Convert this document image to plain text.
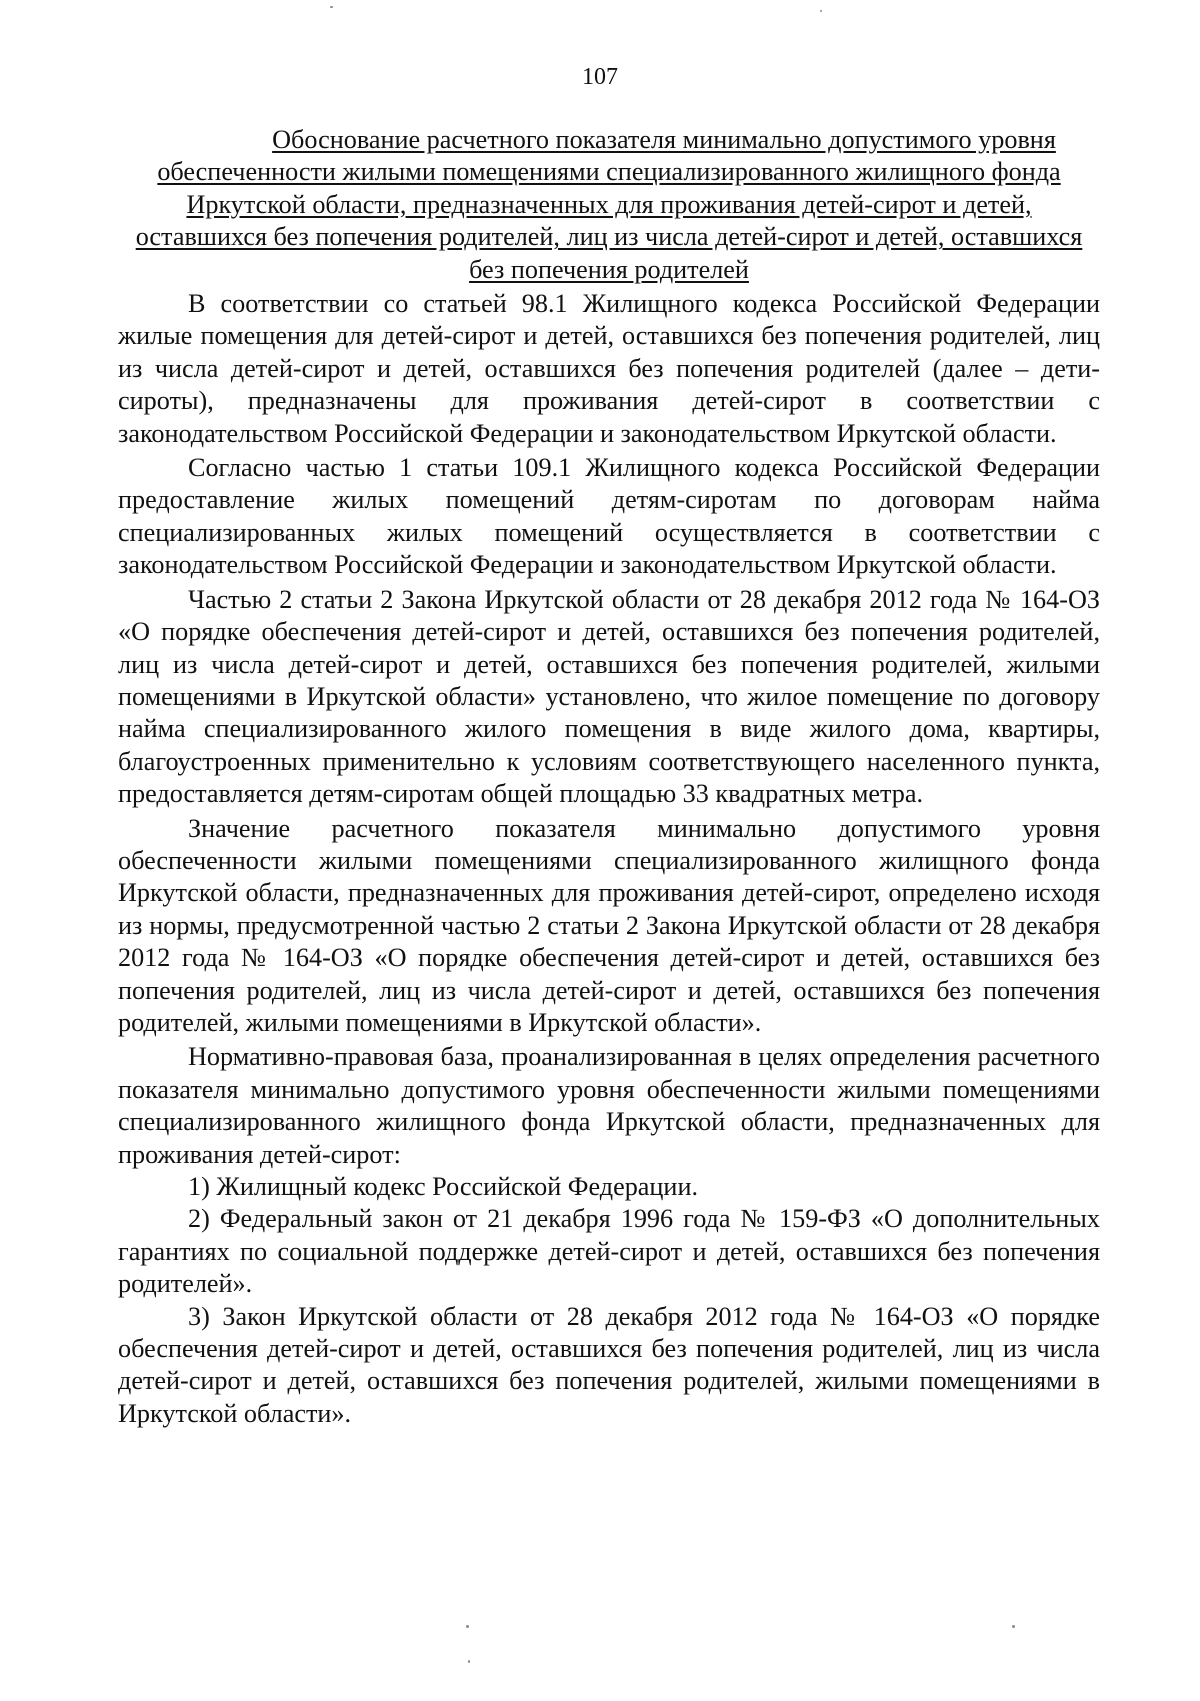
107
Обоснование расчетного показателя минимально допустимого уровня
обеспеченности жилыми помещениями специализированного жилищного фонда
Иркутской области, предназначенных для проживания детей-сирот и детей,
оставшихся без попечения родителей, лиц из числа детей-сирот и детей, оставшихся
без попечения родителей

В соответствии со статьей 98.1 Жилищного кодекса Российской Федерации жилые помещения для детей-сирот и детей, оставшихся без попечения родителей, лиц из числа детей-сирот и детей, оставшихся без попечения родителей (далее – дети-сироты), предназначены для проживания детей-сирот в соответствии с законодательством Российской Федерации и законодательством Иркутской области.

Согласно частью 1 статьи 109.1 Жилищного кодекса Российской Федерации предоставление жилых помещений детям-сиротам по договорам найма специализированных жилых помещений осуществляется в соответствии с законодательством Российской Федерации и законодательством Иркутской области.

Частью 2 статьи 2 Закона Иркутской области от 28 декабря 2012 года № 164-ОЗ «О порядке обеспечения детей-сирот и детей, оставшихся без попечения родителей, лиц из числа детей-сирот и детей, оставшихся без попечения родителей, жилыми помещениями в Иркутской области» установлено, что жилое помещение по договору найма специализированного жилого помещения в виде жилого дома, квартиры, благоустроенных применительно к условиям соответствующего населенного пункта, предоставляется детям-сиротам общей площадью 33 квадратных метра.

Значение расчетного показателя минимально допустимого уровня обеспеченности жилыми помещениями специализированного жилищного фонда Иркутской области, предназначенных для проживания детей-сирот, определено исходя из нормы, предусмотренной частью 2 статьи 2 Закона Иркутской области от 28 декабря 2012 года № 164-ОЗ «О порядке обеспечения детей-сирот и детей, оставшихся без попечения родителей, лиц из числа детей-сирот и детей, оставшихся без попечения родителей, жилыми помещениями в Иркутской области».

Нормативно-правовая база, проанализированная в целях определения расчетного показателя минимально допустимого уровня обеспеченности жилыми помещениями специализированного жилищного фонда Иркутской области, предназначенных для проживания детей-сирот:

1) Жилищный кодекс Российской Федерации.

2) Федеральный закон от 21 декабря 1996 года № 159-ФЗ «О дополнительных гарантиях по социальной поддержке детей-сирот и детей, оставшихся без попечения родителей».

3) Закон Иркутской области от 28 декабря 2012 года № 164-ОЗ «О порядке обеспечения детей-сирот и детей, оставшихся без попечения родителей, лиц из числа детей-сирот и детей, оставшихся без попечения родителей, жилыми помещениями в Иркутской области».
